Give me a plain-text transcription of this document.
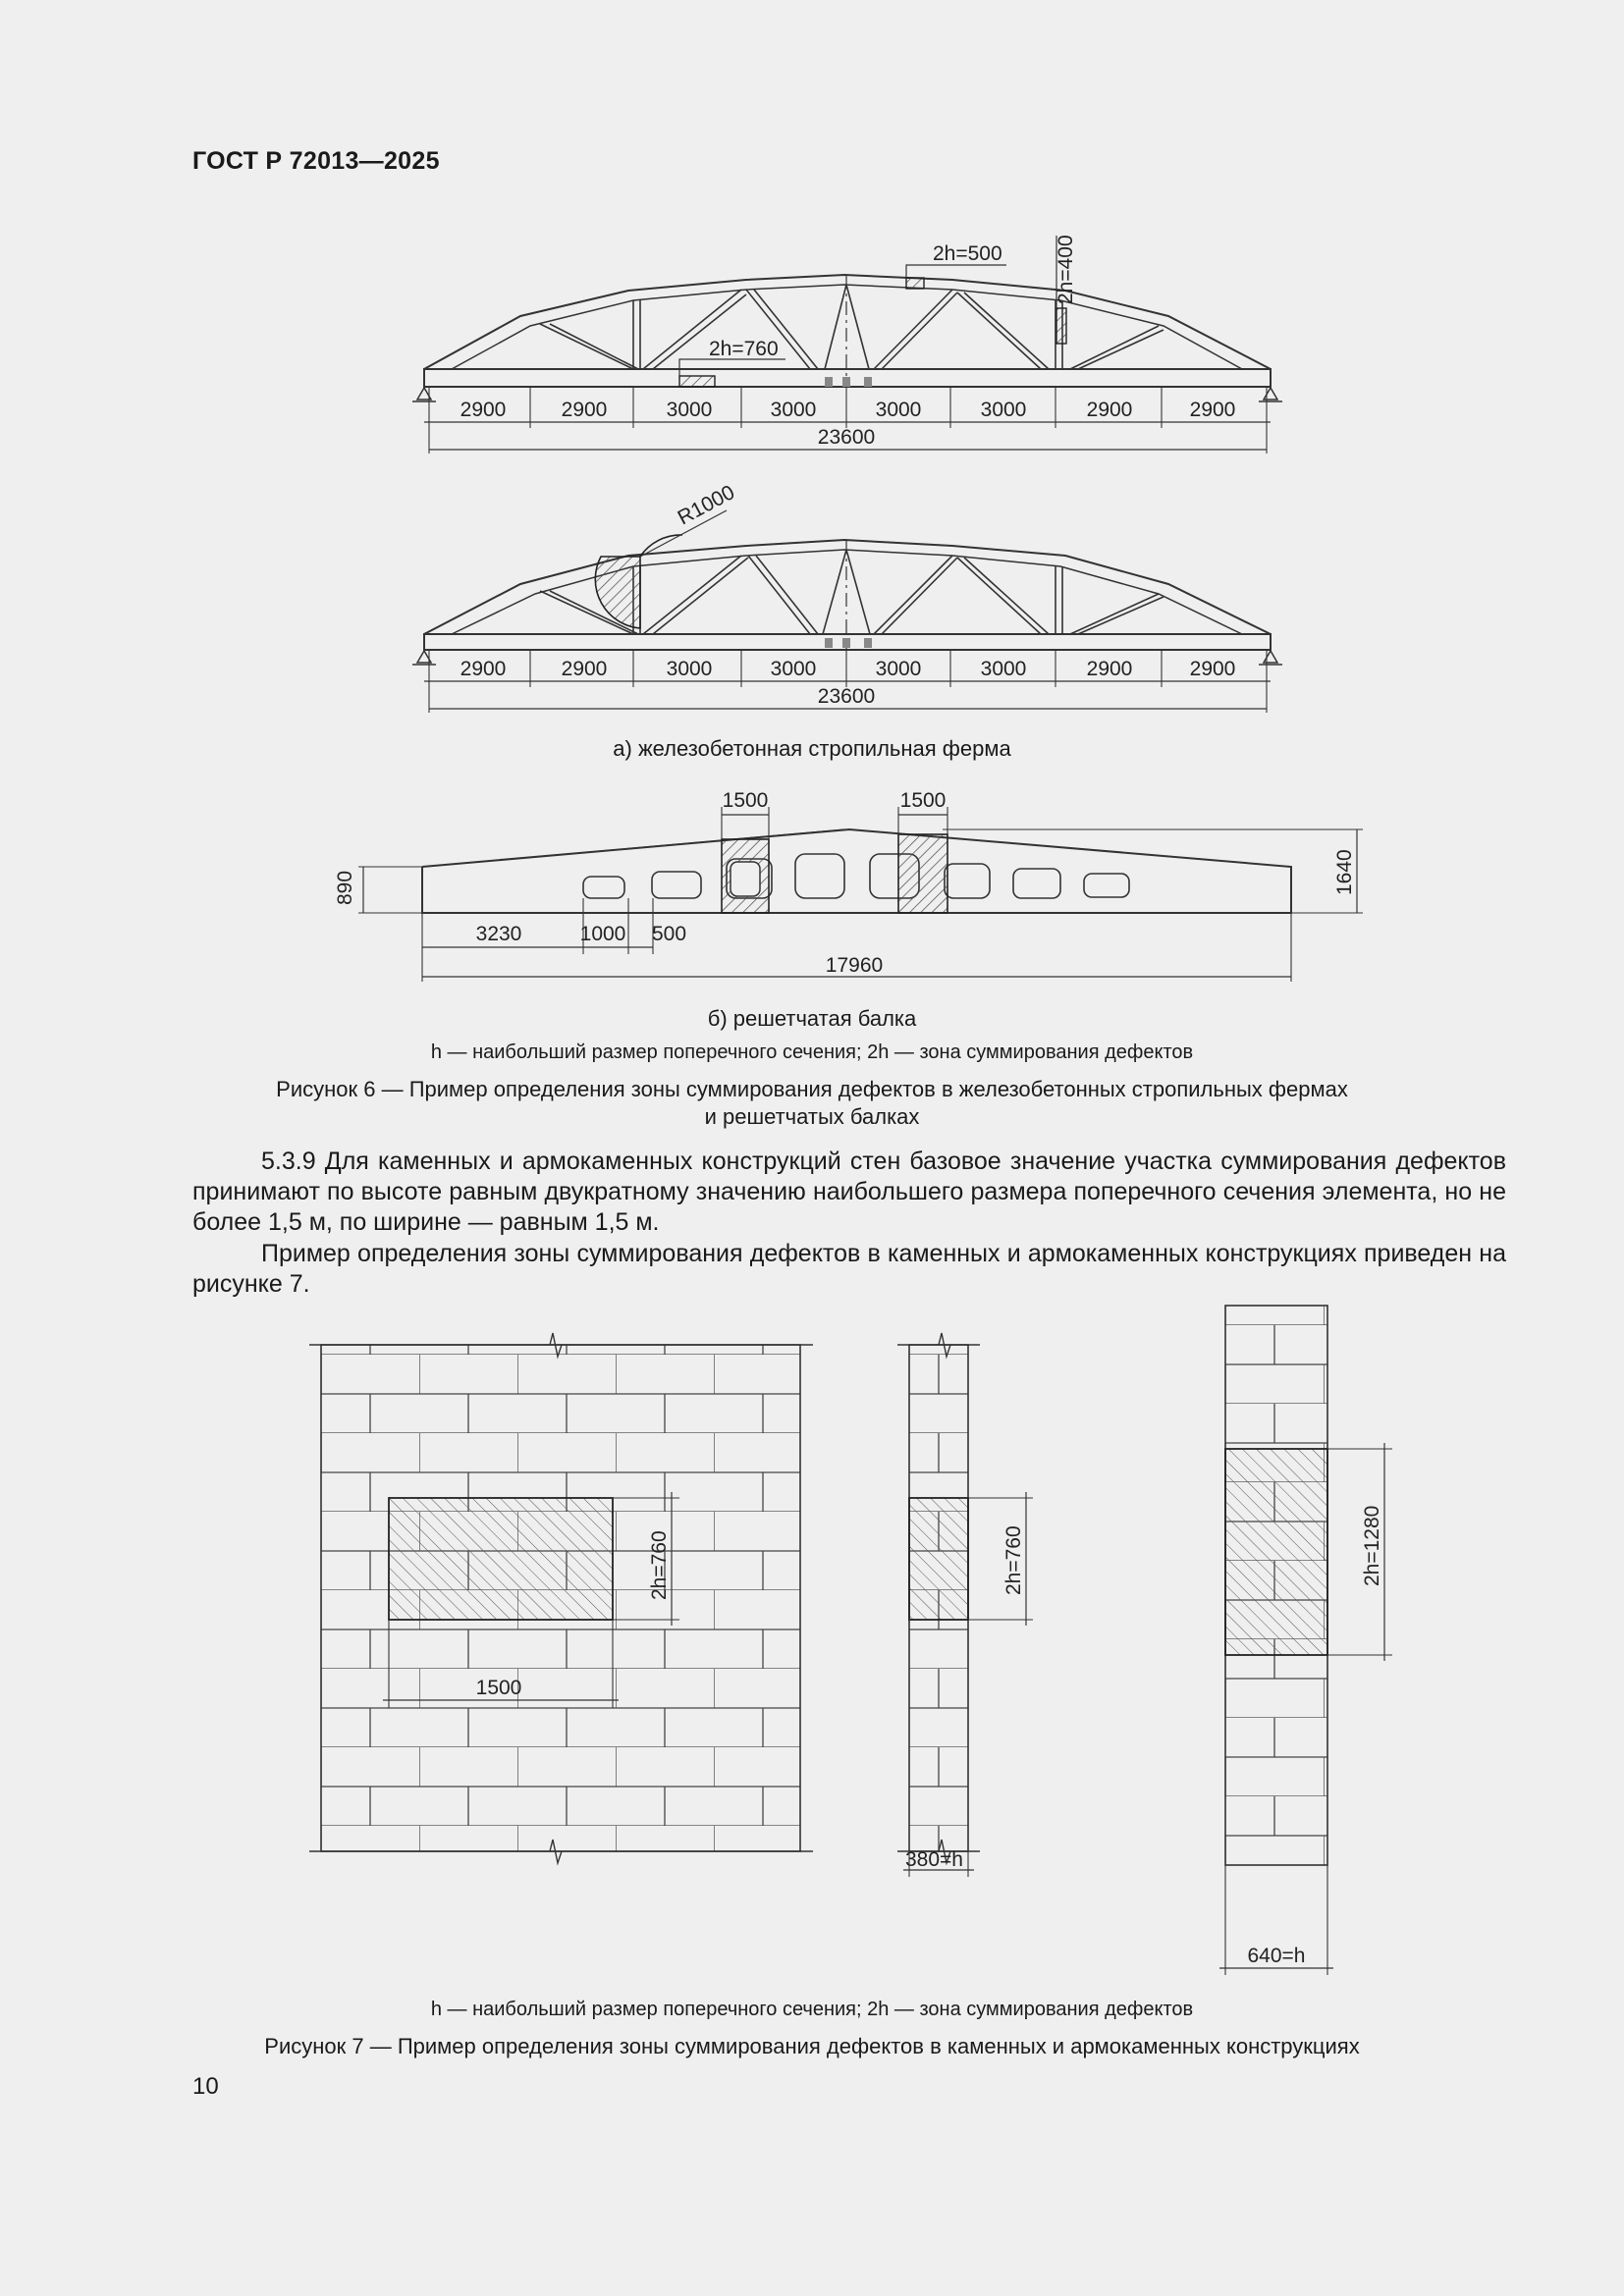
ГОСТ Р 72013—2025
2900	2900	3000	3000	3000	3000	2900	2900
23600
2h=500
2h=760
2h=400
2900	2900	3000	3000	3000	3000	2900	2900
23600
R1000
1500	1500
890	1640
3230	1000 500
17960
а) железобетонная стропильная ферма
б) решетчатая балка
h — наибольший размер поперечного сечения; 2h — зона суммирования дефектов
Рисунок 6 — Пример определения зоны суммирования дефектов в железобетонных стропильных фермах
и решетчатых балках
5.3.9 Для каменных и армокаменных конструкций стен базовое значение участка суммирования дефектов принимают по высоте равным двукратному значению наибольшего размера поперечного сечения элемента, но не более 1,5 м, по ширине — равным 1,5 м.
Пример определения зоны суммирования дефектов в каменных и армокаменных конструкциях приведен на рисунке 7.
1500
2h=760	2h=760
380=h
2h=1280
640=h
h — наибольший размер поперечного сечения; 2h — зона суммирования дефектов
Рисунок 7 — Пример определения зоны суммирования дефектов в каменных и армокаменных конструкциях
10
